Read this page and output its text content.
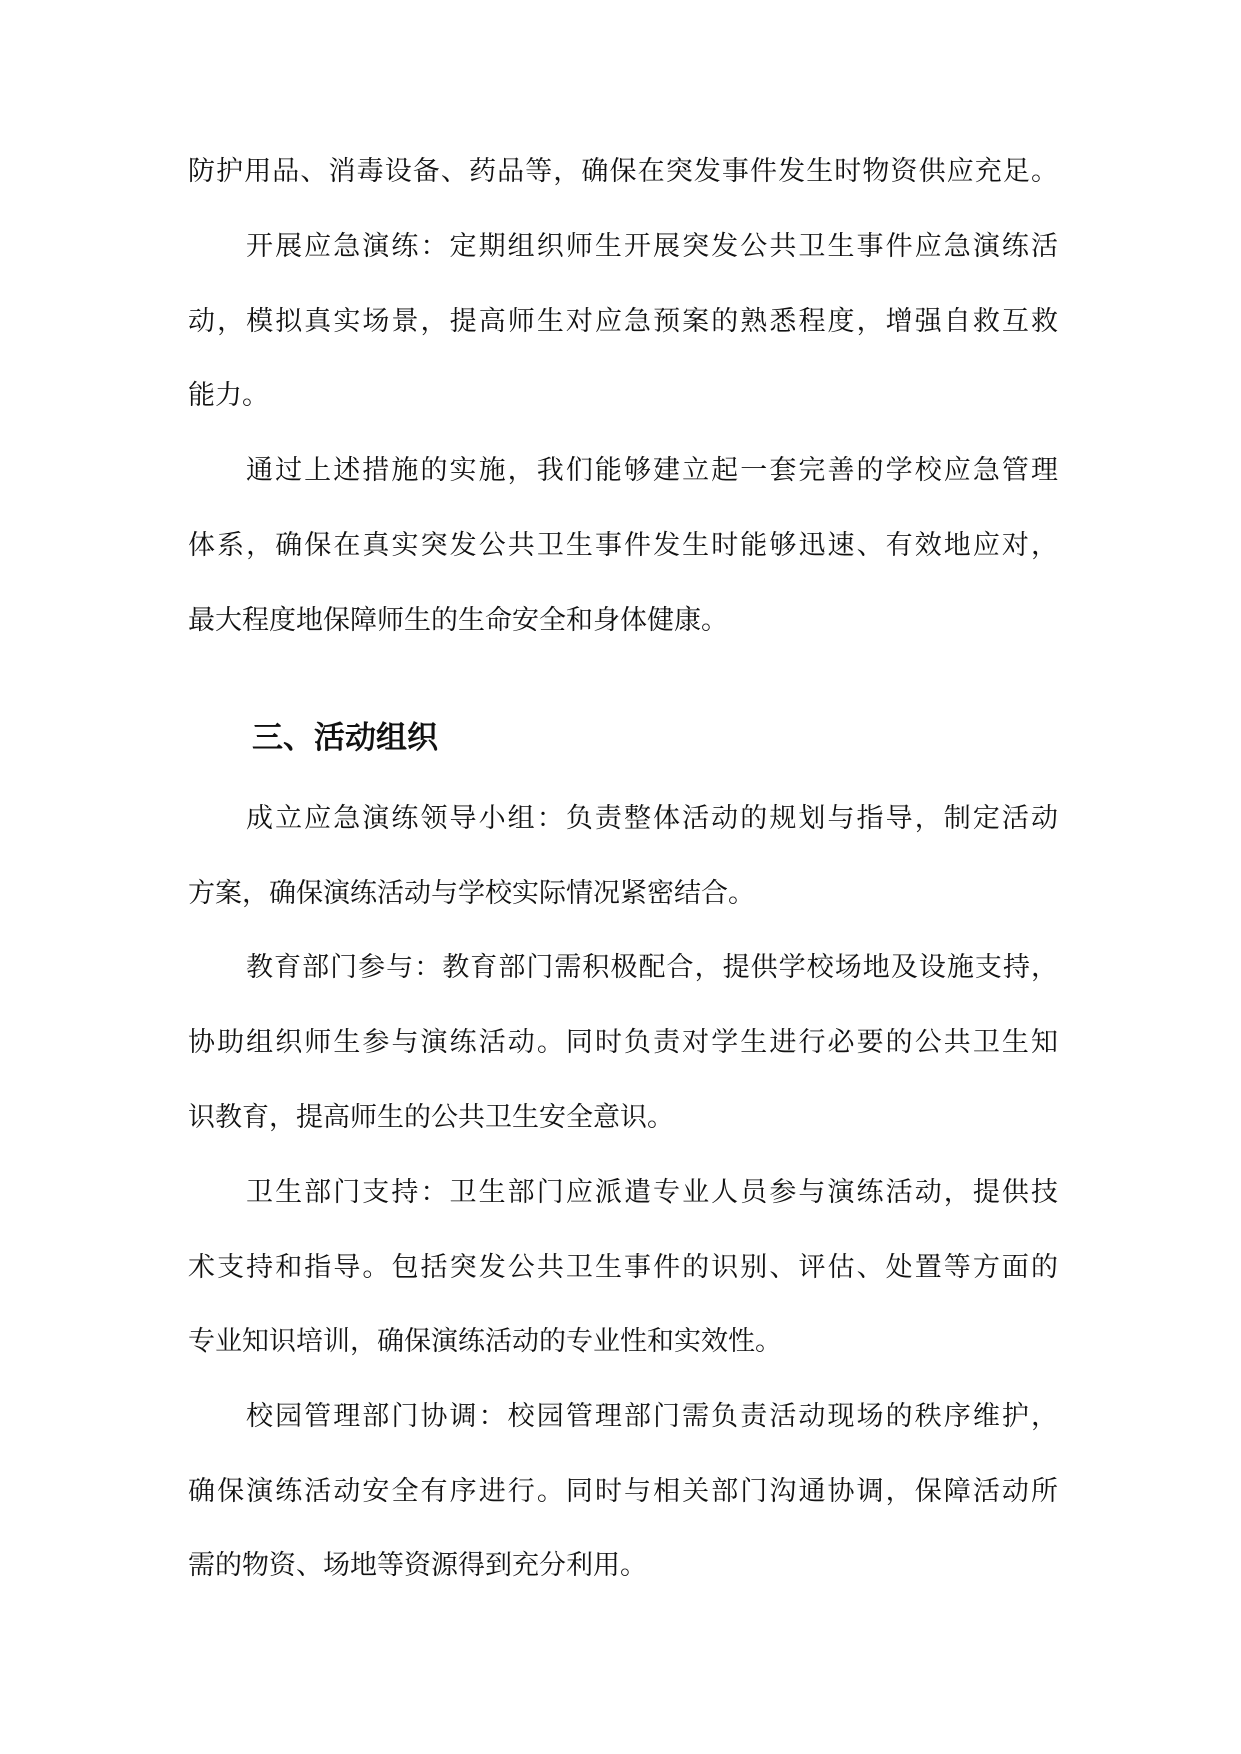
防护用品、消毒设备、药品等，确保在突发事件发生时物资供应充足。
开展应急演练：定期组织师生开展突发公共卫生事件应急演练活
动，模拟真实场景，提高师生对应急预案的熟悉程度，增强自救互救
能力。
通过上述措施的实施，我们能够建立起一套完善的学校应急管理
体系，确保在真实突发公共卫生事件发生时能够迅速、有效地应对，
最大程度地保障师生的生命安全和身体健康。
三、活动组织
成立应急演练领导小组：负责整体活动的规划与指导，制定活动
方案，确保演练活动与学校实际情况紧密结合。
教育部门参与：教育部门需积极配合，提供学校场地及设施支持，
协助组织师生参与演练活动。同时负责对学生进行必要的公共卫生知
识教育，提高师生的公共卫生安全意识。
卫生部门支持：卫生部门应派遣专业人员参与演练活动，提供技
术支持和指导。包括突发公共卫生事件的识别、评估、处置等方面的
专业知识培训，确保演练活动的专业性和实效性。
校园管理部门协调：校园管理部门需负责活动现场的秩序维护，
确保演练活动安全有序进行。同时与相关部门沟通协调，保障活动所
需的物资、场地等资源得到充分利用。
